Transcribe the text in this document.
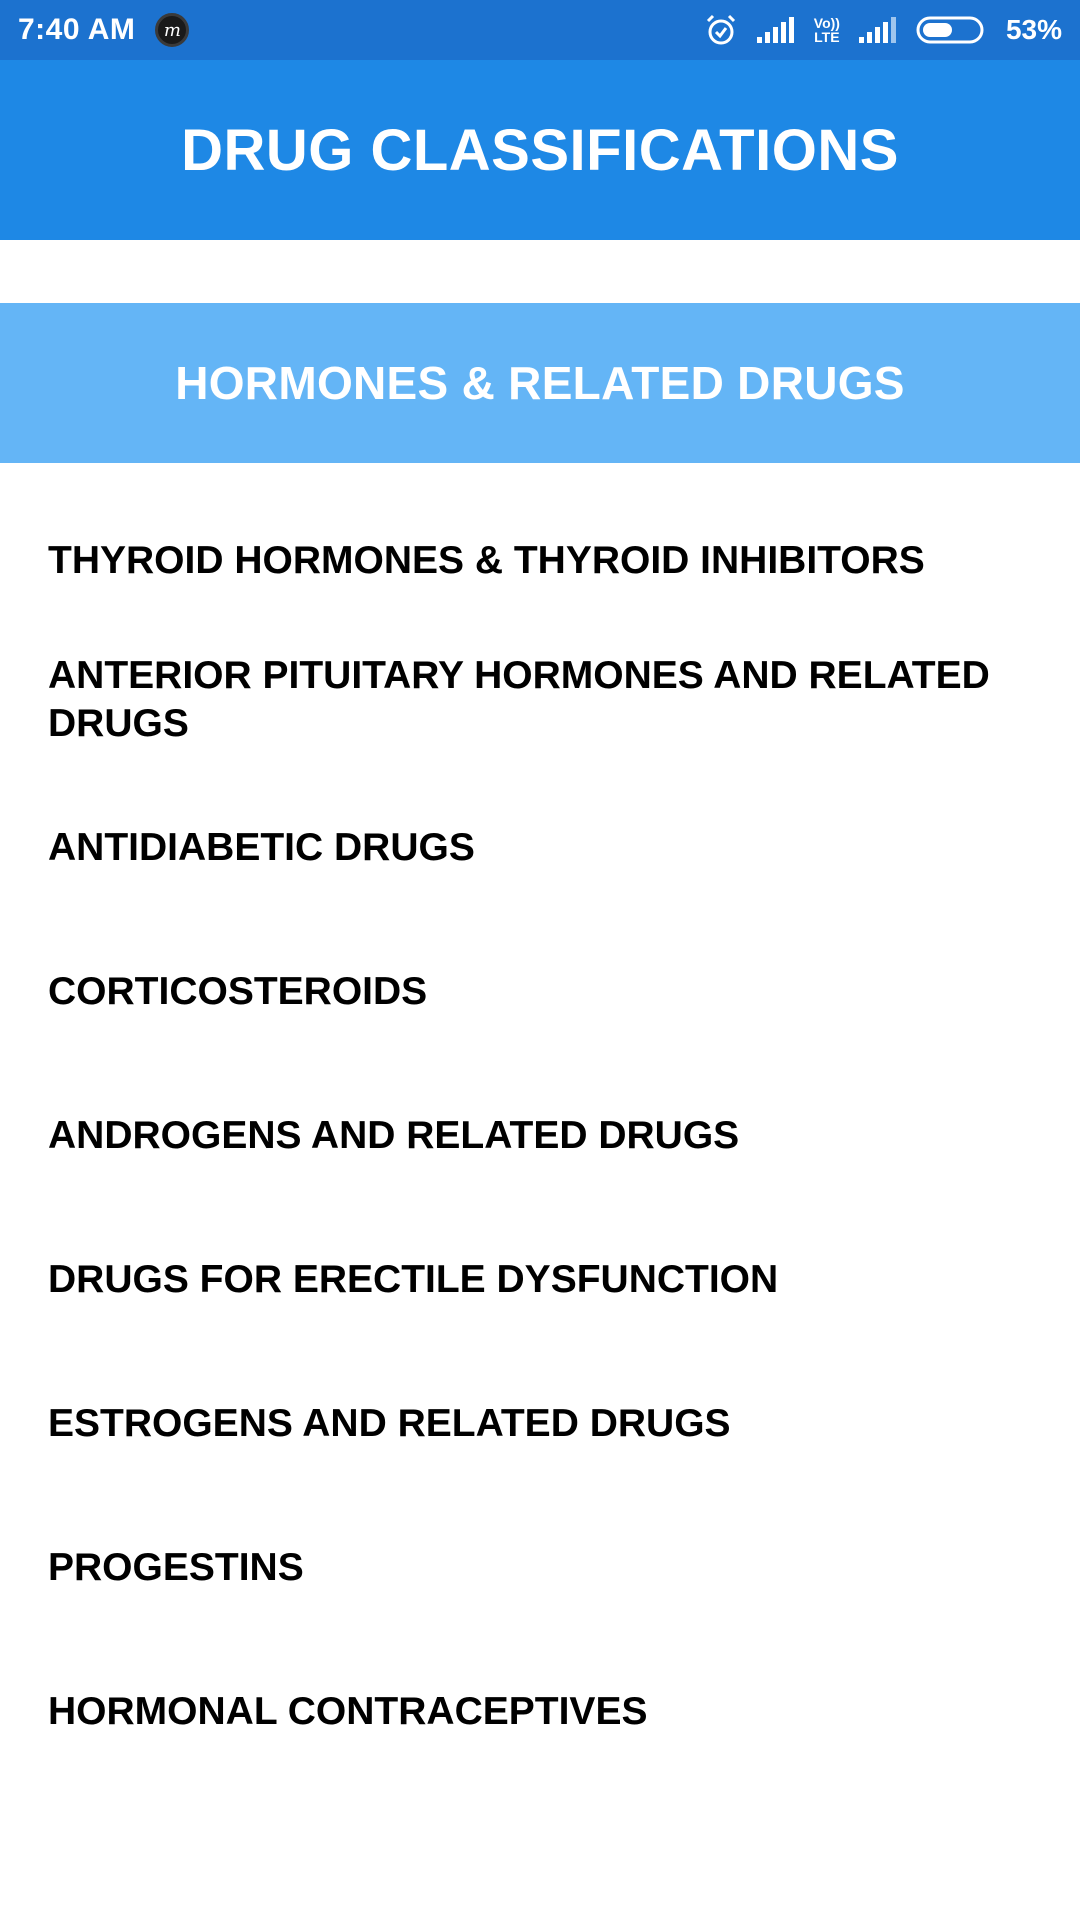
7:40 AM	m	Vo))
LTE	53%
DRUG CLASSIFICATIONS
HORMONES & RELATED DRUGS
THYROID HORMONES & THYROID INHIBITORS
ANTERIOR PITUITARY HORMONES AND RELATED DRUGS
ANTIDIABETIC DRUGS
CORTICOSTEROIDS
ANDROGENS AND RELATED DRUGS
DRUGS FOR ERECTILE DYSFUNCTION
ESTROGENS AND RELATED DRUGS
PROGESTINS
HORMONAL CONTRACEPTIVES
